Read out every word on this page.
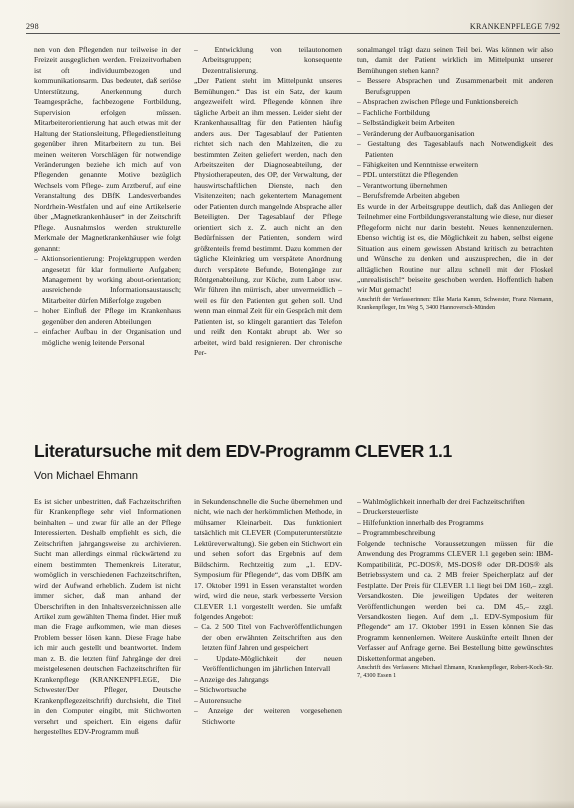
298	KRANKENPFLEGE 7/92

nen von den Pflegenden nur teilweise in der Freizeit ausgeglichen werden. Freizeitvorhaben ist oft individuumbezogen und kommunikationsarm. Das bedeutet, daß seriöse Unterstützung, Anerkennung durch Teamgespräche, fachbezogene Fortbildung, Supervision erfolgen müssen. Mitarbeiterorientierung hat auch etwas mit der Haltung der Stationsleitung, Pflegedienstleitung gegenüber ihren Mitarbeitern zu tun. Bei meinen weiteren Vorschlägen für notwendige Veränderungen beziehe ich mich auf von Pflegenden genannte Motive bezüglich Wechsels vom Pflege- zum Arztberuf, auf eine Veranstaltung des DBfK Landesverbandes Nordrhein-Westfalen und auf eine Artikelserie über „Magnetkrankenhäuser“ in der Zeitschrift Pflege. Ausnahmslos werden strukturelle Merkmale der Magnetkrankenhäuser wie folgt genannt:

– Aktionsorientierung: Projektgruppen werden angesetzt für klar formulierte Aufgaben; Management by working about-orientation; ausreichende Informationsaustausch; Mitarbeiter dürfen Mißerfolge zugeben

– hoher Einfluß der Pflege im Krankenhaus gegenüber den anderen Abteilungen

– einfacher Aufbau in der Organisation und mögliche wenig leitende Personal

– Entwicklung von teilautonomen Arbeitsgruppen; konsequente Dezentralisierung.

„Der Patient steht im Mittelpunkt unseres Bemühungen.“ Das ist ein Satz, der kaum angezweifelt wird. Pflegende können ihre tägliche Arbeit an ihm messen. Leider sieht der Krankenhausalltag für den Patienten häufig anders aus. Der Tagesablauf der Patienten richtet sich nach den Mahlzeiten, die zu bestimmten Zeiten geliefert werden, nach den Arbeitszeiten der Diagnoseabteilung, der Physiotherapeuten, des OP, der Verwaltung, der hauswirtschaftlichen Dienste, nach den Visitenzeiten; nach gekentertem Management oder Patienten durch mangelnde Absprache aller Beteiligten. Der Tagesablauf der Pflege orientiert sich z. Z. auch nicht an den Bedürfnissen der Patienten, sondern wird größtenteils fremd bestimmt. Dazu kommen der tägliche Kleinkrieg um verspätete Anordnung durch verspätete Befunde, Botengänge zur Röntgenabteilung, zur Küche, zum Labor usw. Wir führen ihn mürrisch, aber unvermeidlich – weil es für den Patienten gut gehen soll. Und wenn man einmal Zeit für ein Gespräch mit dem Patienten ist, so klingelt garantiert das Telefon und reißt den Kontakt abrupt ab. Wer so arbeitet, wird bald resignieren. Der chronische Per-

sonalmangel trägt dazu seinen Teil bei. Was können wir also tun, damit der Patient wirklich im Mittelpunkt unserer Bemühungen stehen kann?

– Bessere Absprachen und Zusammenarbeit mit anderen Berufsgruppen

– Absprachen zwischen Pflege und Funktionsbereich

– Fachliche Fortbildung

– Selbständigkeit beim Arbeiten

– Veränderung der Aufbauorganisation

– Gestaltung des Tagesablaufs nach Notwendigkeit des Patienten

– Fähigkeiten und Kenntnisse erweitern

– PDL unterstützt die Pflegenden

– Verantwortung übernehmen

– Berufsfremde Arbeiten abgeben

Es wurde in der Arbeitsgruppe deutlich, daß das Anliegen der Teilnehmer eine Fortbildungsveranstaltung wie diese, nur dieser Pflegeform nicht nur darin besteht. Neues kennenzulernen. Ebenso wichtig ist es, die Möglichkeit zu haben, selbst eigene Situation aus einem gewissen Abstand kritisch zu betrachten und Wünsche zu denken und auszusprechen, die in der alltäglichen Routine nur allzu schnell mit der Floskel „unrealistisch!“ beiseite geschoben werden. Hoffentlich haben wir Mut gemacht!

Anschrift der Verfasserinnen: Elke Maria Kamm, Schwester, Franz Niemann, Krankenpfleger, Im Weg 5, 3400 Hannoversch-Münden

Literatursuche mit dem EDV-Programm CLEVER 1.1
Von Michael Ehmann

Es ist sicher unbestritten, daß Fachzeitschriften für Krankenpflege sehr viel Informationen beinhalten – und zwar für alle an der Pflege Interessierten. Deshalb empfiehlt es sich, die Zeitschriften jahrgangsweise zu archivieren. Sucht man allerdings einmal rückwärtend zu einem bestimmten Themenkreis Literatur, womöglich in verschiedenen Fachzeitschriften, wird der Aufwand erheblich. Zudem ist nicht immer sicher, daß man anhand der Überschriften in den Inhaltsverzeichnissen alle Artikel zum gewählten Thema findet. Hier muß man die Frage aufkommen, wie man dieses Problem besser lösen kann. Diese Frage habe ich mir auch gestellt und beantwortet. Indem man z. B. die letzten fünf Jahrgänge der drei meistgelesenen deutschen Fachzeitschriften für Krankenpflege (KRANKENPFLEGE, Die Schwester/Der Pfleger, Deutsche Krankenpflegezeitschrift) durchsieht, die Titel in den Computer eingibt, mit Stichworten versehrt und speichert. Ein eigens dafür hergestelltes EDV-Programm muß

in Sekundenschnelle die Suche übernehmen und nicht, wie nach der herkömmlichen Methode, in mühsamer Kleinarbeit. Das funktioniert tatsächlich mit CLEVER (Computerunterstützte Lektüreverwaltung). Sie geben ein Stichwort ein und sehen sofort das Ergebnis auf dem Bildschirm. Rechtzeitig zum „1. EDV-Symposium für Pflegende“, das vom DBfK am 17. Oktober 1991 in Essen veranstaltet worden wird, wird die neue, stark verbesserte Version CLEVER 1.1 vorgestellt werden. Sie umfaßt folgendes Angebot:

– Ca. 2 500 Titel von Fachveröffentlichungen der oben erwähnten Zeitschriften aus den letzten fünf Jahren und gespeichert

– Update-Möglichkeit der neuen Veröffentlichungen im jährlichen Intervall

– Anzeige des Jahrgangs

– Stichwortsuche

– Autorensuche

– Anzeige der weiteren vorgesehenen Stichworte

– Wahlmöglichkeit innerhalb der drei Fachzeitschriften

– Druckersteuerliste

– Hilfefunktion innerhalb des Programms

– Programmbeschreibung

Folgende technische Voraussetzungen müssen für die Anwendung des Programms CLEVER 1.1 gegeben sein: IBM-Kompatibilität, PC-DOS®, MS-DOS® oder DR-DOS® als Betriebssystem und ca. 2 MB freier Speicherplatz auf der Festplatte. Der Preis für CLEVER 1.1 liegt bei DM 160,– zzgl. Versandkosten. Die jeweiligen Updates der weiteren Veröffentlichungen werden bei ca. DM 45,– zzgl. Versandkosten liegen. Auf dem „1. EDV-Symposium für Pflegende“ am 17. Oktober 1991 in Essen können Sie das Programm kennenlernen. Weitere Auskünfte erteilt Ihnen der Verfasser auf Anfrage gerne. Bei Bestellung bitte gewünschtes Diskettenformat angeben.

Anschrift des Verfassers: Michael Ehmann, Krankenpfleger, Robert-Koch-Str. 7, 4300 Essen 1
